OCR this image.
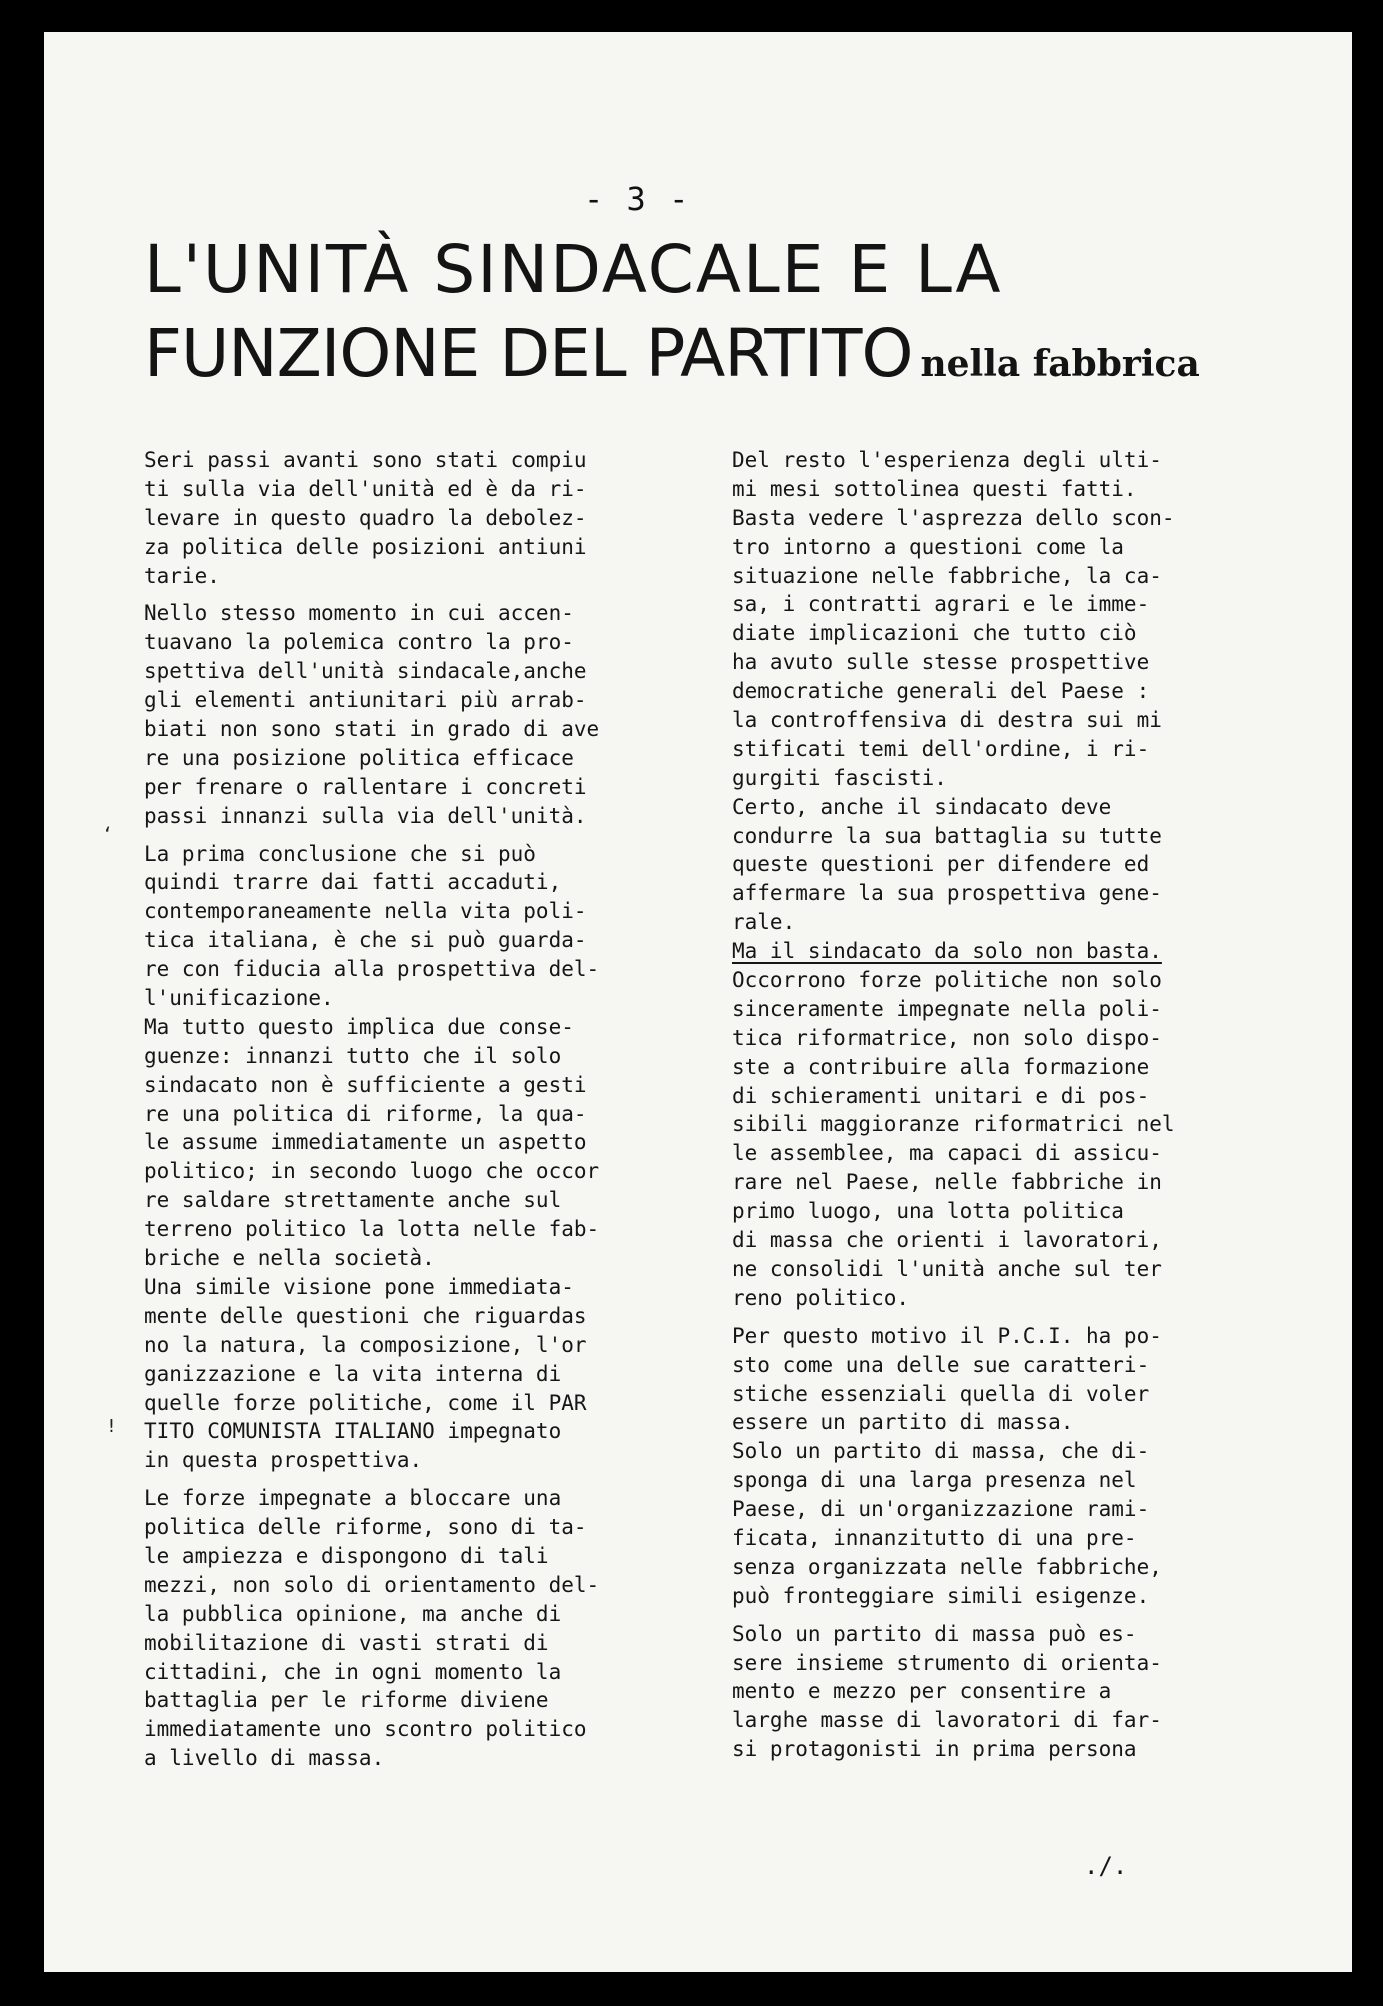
- 3 -

L'UNITÀ SINDACALE E LA
FUNZIONE DEL PARTITO nella fabbrica
Seri passi avanti sono stati compiu
ti sulla via dell'unità ed è da ri-
levare in questo quadro la debolez-
za politica delle posizioni antiuni
tarie.
Nello stesso momento in cui accen-
tuavano la polemica contro la pro-
spettiva dell'unità sindacale,anche
gli elementi antiunitari più arrab-
biati non sono stati in grado di ave
re una posizione politica efficace
per frenare o rallentare i concreti
passi innanzi sulla via dell'unità.
La prima conclusione che si può
quindi trarre dai fatti accaduti,
contemporaneamente nella vita poli-
tica italiana, è che si può guarda-
re con fiducia alla prospettiva del-
l'unificazione.
Ma tutto questo implica due conse-
guenze: innanzi tutto che il solo
sindacato non è sufficiente a gesti
re una politica di riforme, la qua-
le assume immediatamente un aspetto
politico; in secondo luogo che occor
re saldare strettamente anche sul
terreno politico la lotta nelle fab-
briche e nella società.
Una simile visione pone immediata-
mente delle questioni che riguardas
no la natura, la composizione, l'or
ganizzazione e la vita interna di
quelle forze politiche, come il PAR
TITO COMUNISTA ITALIANO impegnato
in questa prospettiva.
Le forze impegnate a bloccare una
politica delle riforme, sono di ta-
le ampiezza e dispongono di tali
mezzi, non solo di orientamento del-
la pubblica opinione, ma anche di
mobilitazione di vasti strati di
cittadini, che in ogni momento la
battaglia per le riforme diviene
immediatamente uno scontro politico
a livello di massa.
Del resto l'esperienza degli ulti-
mi mesi sottolinea questi fatti.
Basta vedere l'asprezza dello scon-
tro intorno a questioni come la
situazione nelle fabbriche, la ca-
sa, i contratti agrari e le imme-
diate implicazioni che tutto ciò
ha avuto sulle stesse prospettive
democratiche generali del Paese :
la controffensiva di destra sui mi
stificati temi dell'ordine, i ri-
gurgiti fascisti.
Certo, anche il sindacato deve
condurre la sua battaglia su tutte
queste questioni per difendere ed
affermare la sua prospettiva gene-
rale.
Ma il sindacato da solo non basta.
Occorrono forze politiche non solo
sinceramente impegnate nella poli-
tica riformatrice, non solo dispo-
ste a contribuire alla formazione
di schieramenti unitari e di pos-
sibili maggioranze riformatrici nel
le assemblee, ma capaci di assicu-
rare nel Paese, nelle fabbriche in
primo luogo, una lotta politica
di massa che orienti i lavoratori,
ne consolidi l'unità anche sul ter
reno politico.
Per questo motivo il P.C.I. ha po-
sto come una delle sue caratteri-
stiche essenziali quella di voler
essere un partito di massa.
Solo un partito di massa, che di-
sponga di una larga presenza nel
Paese, di un'organizzazione rami-
ficata, innanzitutto di una pre-
senza organizzata nelle fabbriche,
può fronteggiare simili esigenze.
Solo un partito di massa può es-
sere insieme strumento di orienta-
mento e mezzo per consentire a
larghe masse di lavoratori di far-
si protagonisti in prima persona
‘
!

./.
